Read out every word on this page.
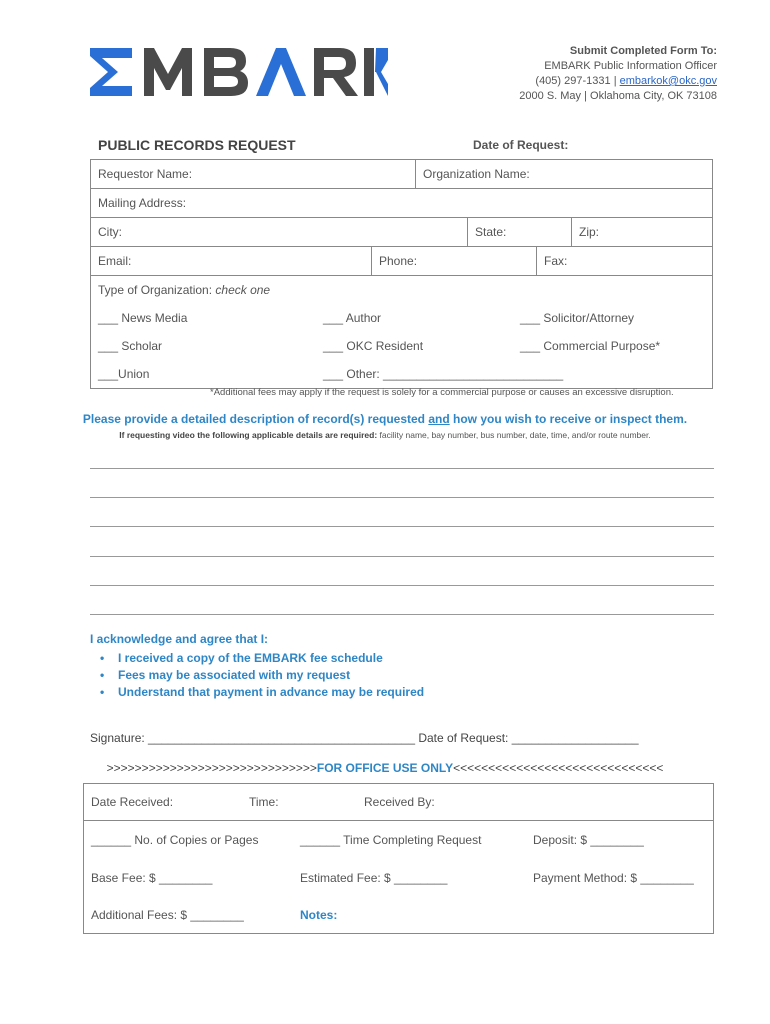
Submit Completed Form To:
EMBARK Public Information Officer
(405) 297-1331 | embarkok@okc.gov
2000 S. May | Oklahoma City, OK 73108
PUBLIC RECORDS REQUEST	Date of Request:
Requestor Name:	Organization Name:
Mailing Address:
City:	State:	Zip:
Email:	Phone:	Fax:
Type of Organization: check one
___ News Media	___ Author	___ Solicitor/Attorney
___ Scholar	___ OKC Resident	___ Commercial Purpose*
___Union	___ Other: ___________________________
*Additional fees may apply if the request is solely for a commercial purpose or causes an excessive disruption.
Please provide a detailed description of record(s) requested and how you wish to receive or inspect them.
If requesting video the following applicable details are required: facility name, bay number, bus number, date, time, and/or route number.
I acknowledge and agree that I:
• I received a copy of the EMBARK fee schedule
• Fees may be associated with my request
• Understand that payment in advance may be required
Signature: ________________________________________ Date of Request: ___________________
>>>>>>>>>>>>>>>>>>>>>>>>>>>>>>FOR OFFICE USE ONLY<<<<<<<<<<<<<<<<<<<<<<<<<<<<<<
Date Received:	Time:	Received By:
______ No. of Copies or Pages	______ Time Completing Request	Deposit: $ ________
Base Fee: $ ________	Estimated Fee: $ ________	Payment Method: $ ________
Additional Fees: $ ________	Notes:
